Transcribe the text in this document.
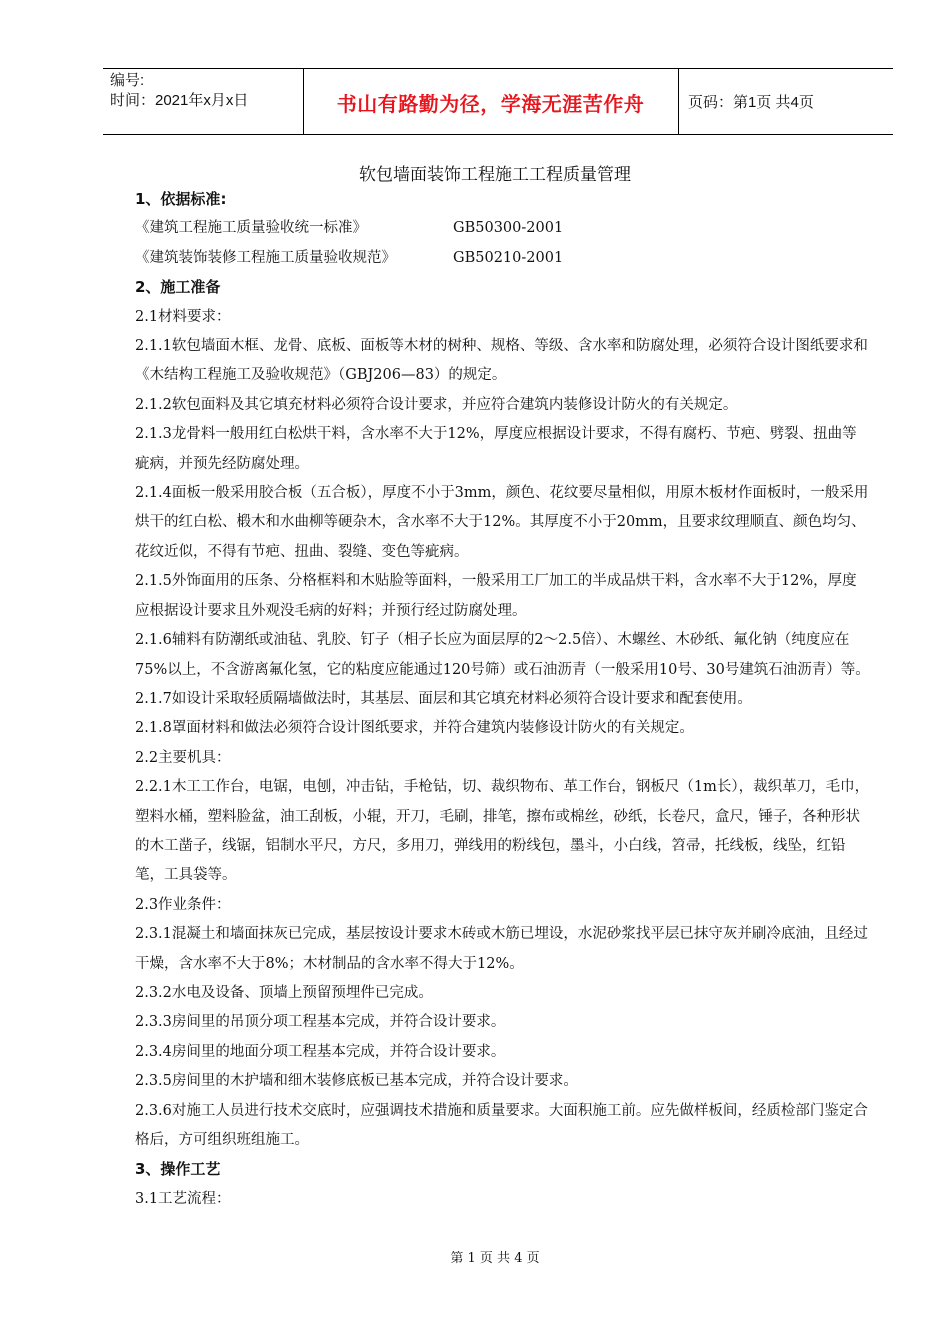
编号:
时间：2021年x月x日	书山有路勤为径，学海无涯苦作舟	页码：第1页 共4页
软包墙面装饰工程施工工程质量管理

1、依据标准:

《建筑工程施工质量验收统一标准》	GB50300-2001
《建筑装饰装修工程施工质量验收规范》	GB50210-2001

2、施工准备

2.1材料要求：

2.1.1软包墙面木框、龙骨、底板、面板等木材的树种、规格、等级、含水率和防腐处理，必须符合设计图纸要求和《木结构工程施工及验收规范》（GBJ206—83）的规定。

2.1.2软包面料及其它填充材料必须符合设计要求，并应符合建筑内装修设计防火的有关规定。

2.1.3龙骨料一般用红白松烘干料，含水率不大于12%，厚度应根据设计要求，不得有腐朽、节疤、劈裂、扭曲等疵病，并预先经防腐处理。

2.1.4面板一般采用胶合板（五合板），厚度不小于3mm，颜色、花纹要尽量相似，用原木板材作面板时，一般采用烘干的红白松、椴木和水曲柳等硬杂木，含水率不大于12%。其厚度不小于20mm，且要求纹理顺直、颜色均匀、花纹近似，不得有节疤、扭曲、裂缝、变色等疵病。

2.1.5外饰面用的压条、分格框料和木贴脸等面料，一般采用工厂加工的半成品烘干料，含水率不大于12%，厚度应根据设计要求且外观没毛病的好料；并预行经过防腐处理。

2.1.6辅料有防潮纸或油毡、乳胶、钉子（相子长应为面层厚的2～2.5倍）、木螺丝、木砂纸、氟化钠（纯度应在75%以上，不含游离氟化氢，它的粘度应能通过120号筛）或石油沥青（一般采用10号、30号建筑石油沥青）等。

2.1.7如设计采取轻质隔墙做法时，其基层、面层和其它填充材料必须符合设计要求和配套使用。

2.1.8罩面材料和做法必须符合设计图纸要求，并符合建筑内装修设计防火的有关规定。

2.2主要机具：

2.2.1木工工作台，电锯，电刨，冲击钻，手枪钻，切、裁织物布、革工作台，钢板尺（1m长），裁织革刀，毛巾，塑料水桶，塑料脸盆，油工刮板，小辊，开刀，毛刷，排笔，擦布或棉丝，砂纸，长卷尺，盒尺，锤子，各种形状的木工凿子，线锯，铝制水平尺，方尺，多用刀，弹线用的粉线包，墨斗，小白线，笤帚，托线板，线坠，红铅笔，工具袋等。

2.3作业条件：

2.3.1混凝土和墙面抹灰已完成，基层按设计要求木砖或木筋已埋设，水泥砂浆找平层已抹守灰并刷冷底油，且经过干燥，含水率不大于8%；木材制品的含水率不得大于12%。

2.3.2水电及设备、顶墙上预留预埋件已完成。

2.3.3房间里的吊顶分项工程基本完成，并符合设计要求。

2.3.4房间里的地面分项工程基本完成，并符合设计要求。

2.3.5房间里的木护墙和细木装修底板已基本完成，并符合设计要求。

2.3.6对施工人员进行技术交底时，应强调技术措施和质量要求。大面积施工前。应先做样板间，经质检部门鉴定合格后，方可组织班组施工。

3、操作工艺

3.1工艺流程：

第 1 页 共 4 页
